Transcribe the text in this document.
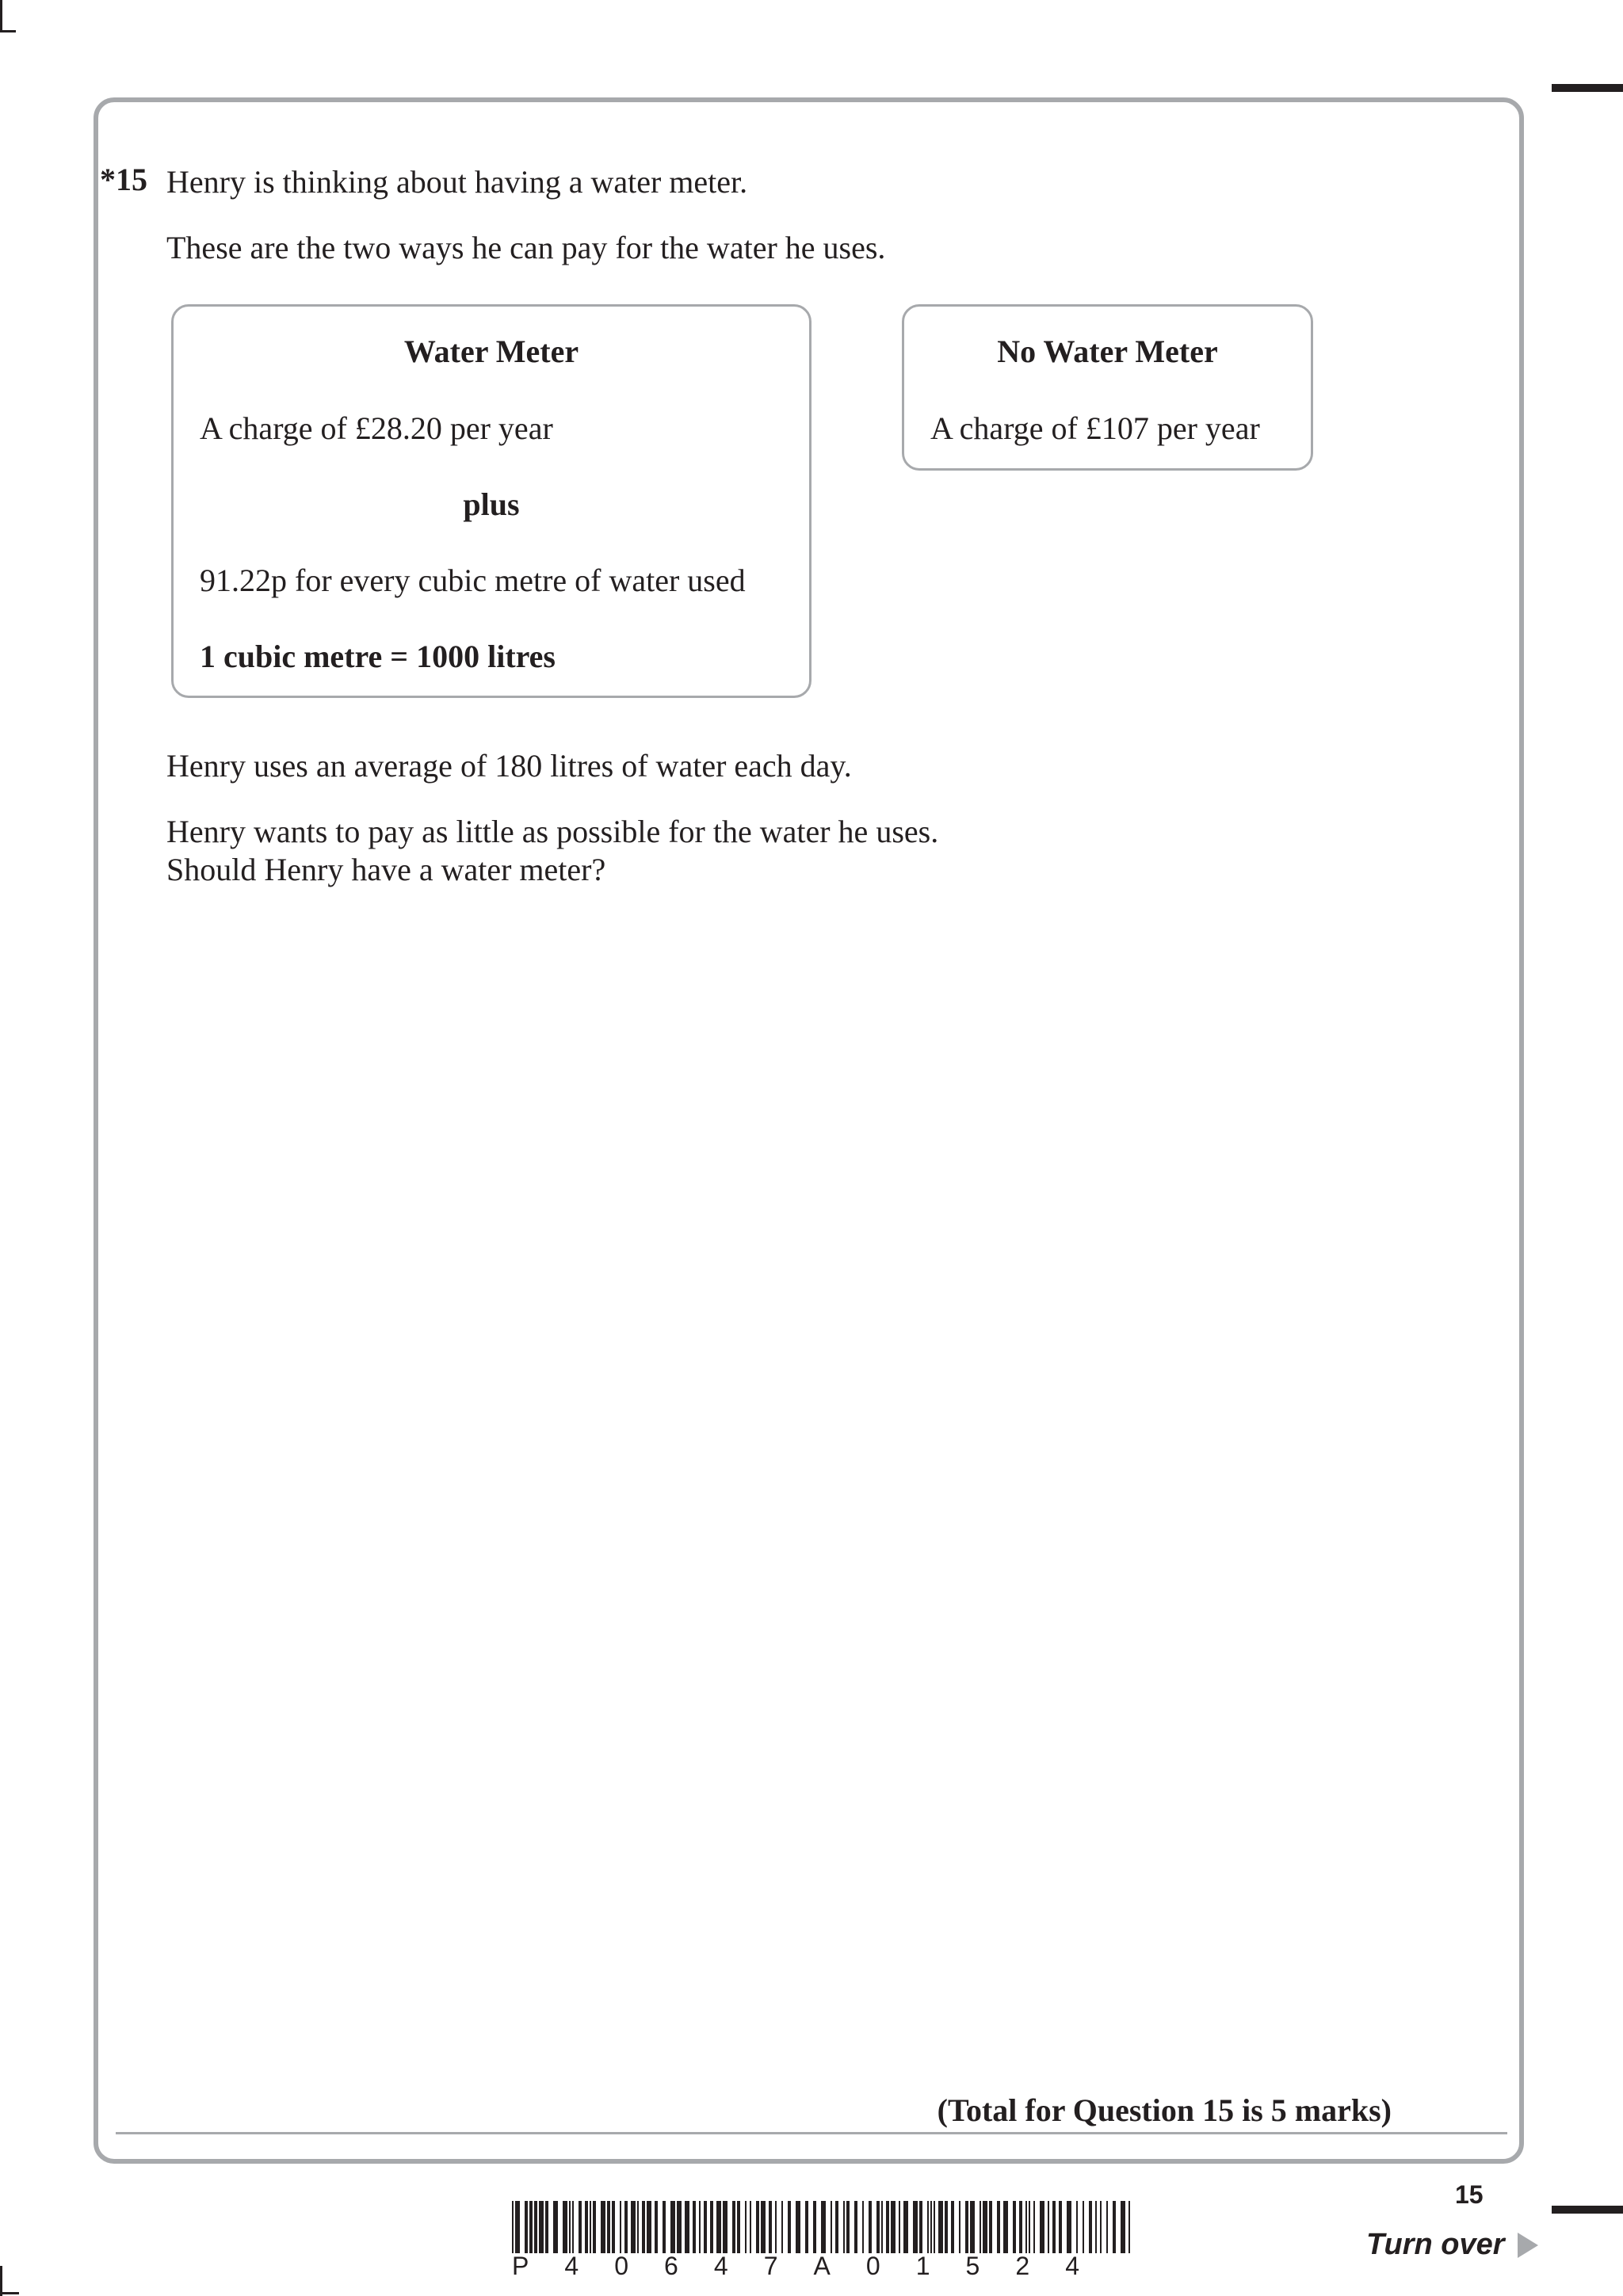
*15 Henry is thinking about having a water meter.
These are the two ways he can pay for the water he uses.
Water Meter
A charge of £28.20 per year
plus
91.22p for every cubic metre of water used
1 cubic metre = 1000 litres
No Water Meter
A charge of £107 per year
Henry uses an average of 180 litres of water each day.
Henry wants to pay as little as possible for the water he uses.
Should Henry have a water meter?
(Total for Question 15 is 5 marks)
P 4 0 6 4 7 A 0 1 5 2 4
15
Turn over
